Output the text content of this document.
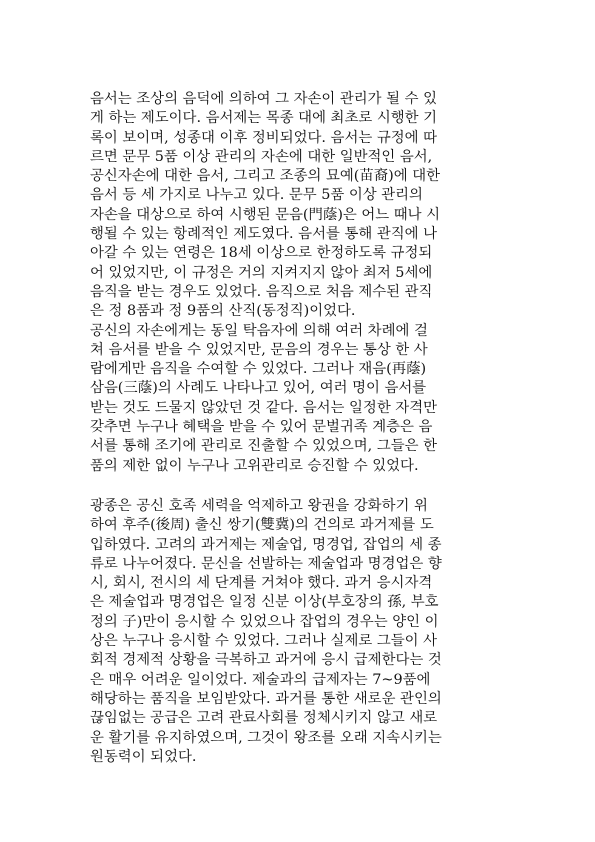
음서는 조상의 음덕에 의하여 그 자손이 관리가 될 수 있
게 하는 제도이다. 음서제는 목종 대에 최초로 시행한 기
록이 보이며, 성종대 이후 정비되었다. 음서는 규정에 따
르면 문무 5품 이상 관리의 자손에 대한 일반적인 음서,
공신자손에 대한 음서, 그리고 조종의 묘예(苗裔)에 대한
음서 등 세 가지로 나누고 있다. 문무 5품 이상 관리의
자손을 대상으로 하여 시행된 문음(門蔭)은 어느 때나 시
행될 수 있는 항례적인 제도였다. 음서를 통해 관직에 나
아갈 수 있는 연령은 18세 이상으로 한정하도록 규정되
어 있었지만, 이 규정은 거의 지켜지지 않아 최저 5세에
음직을 받는 경우도 있었다. 음직으로 처음 제수된 관직
은 정 8품과 정 9품의 산직(동정직)이었다.

공신의 자손에게는 동일 탁음자에 의해 여러 차례에 걸
쳐 음서를 받을 수 있었지만, 문음의 경우는 통상 한 사
람에게만 음직을 수여할 수 있었다. 그러나 재음(再蔭)
삼음(三蔭)의 사례도 나타나고 있어, 여러 명이 음서를
받는 것도 드물지 않았던 것 같다. 음서는 일정한 자격만
갖추면 누구나 혜택을 받을 수 있어 문벌귀족 계층은 음
서를 통해 조기에 관리로 진출할 수 있었으며, 그들은 한
품의 제한 없이 누구나 고위관리로 승진할 수 있었다.

광종은 공신 호족 세력을 억제하고 왕권을 강화하기 위
하여 후주(後周) 출신 쌍기(雙冀)의 건의로 과거제를 도
입하였다. 고려의 과거제는 제술업, 명경업, 잡업의 세 종
류로 나누어졌다. 문신을 선발하는 제술업과 명경업은 향
시, 회시, 전시의 세 단계를 거쳐야 했다. 과거 응시자격
은 제술업과 명경업은 일정 신분 이상(부호장의 孫, 부호
정의 子)만이 응시할 수 있었으나 잡업의 경우는 양인 이
상은 누구나 응시할 수 있었다. 그러나 실제로 그들이 사
회적 경제적 상황을 극복하고 과거에 응시 급제한다는 것
은 매우 어려운 일이었다. 제술과의 급제자는 7~9품에
해당하는 품직을 보임받았다. 과거를 통한 새로운 관인의
끊임없는 공급은 고려 관료사회를 정체시키지 않고 새로
운 활기를 유지하였으며, 그것이 왕조를 오래 지속시키는
원동력이 되었다.
